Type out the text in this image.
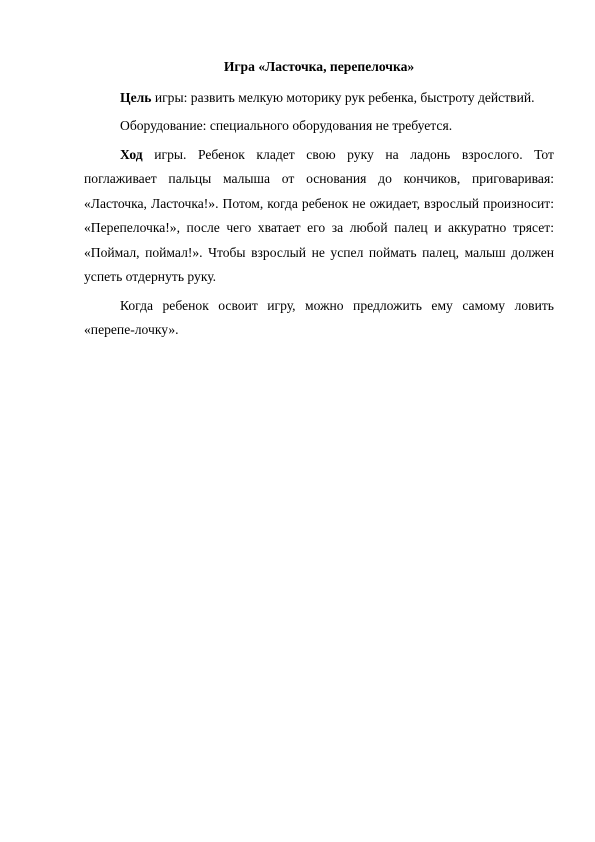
Игра «Ласточка, перепелочка»

Цель игры: развить мелкую моторику рук ребенка, быстроту действий.

Оборудование: специального оборудования не требуется.

Ход игры. Ребенок кладет свою руку на ладонь взрослого. Тот поглаживает пальцы малыша от основания до кончиков, приговаривая: «Ласточка, Ласточка!». Потом, когда ребенок не ожидает, взрослый произносит: «Перепелочка!», после чего хватает его за любой палец и аккуратно трясет: «Поймал, поймал!». Чтобы взрослый не успел поймать палец, малыш должен успеть отдернуть руку.

Когда ребенок освоит игру, можно предложить ему самому ловить «перепе-лочку».
